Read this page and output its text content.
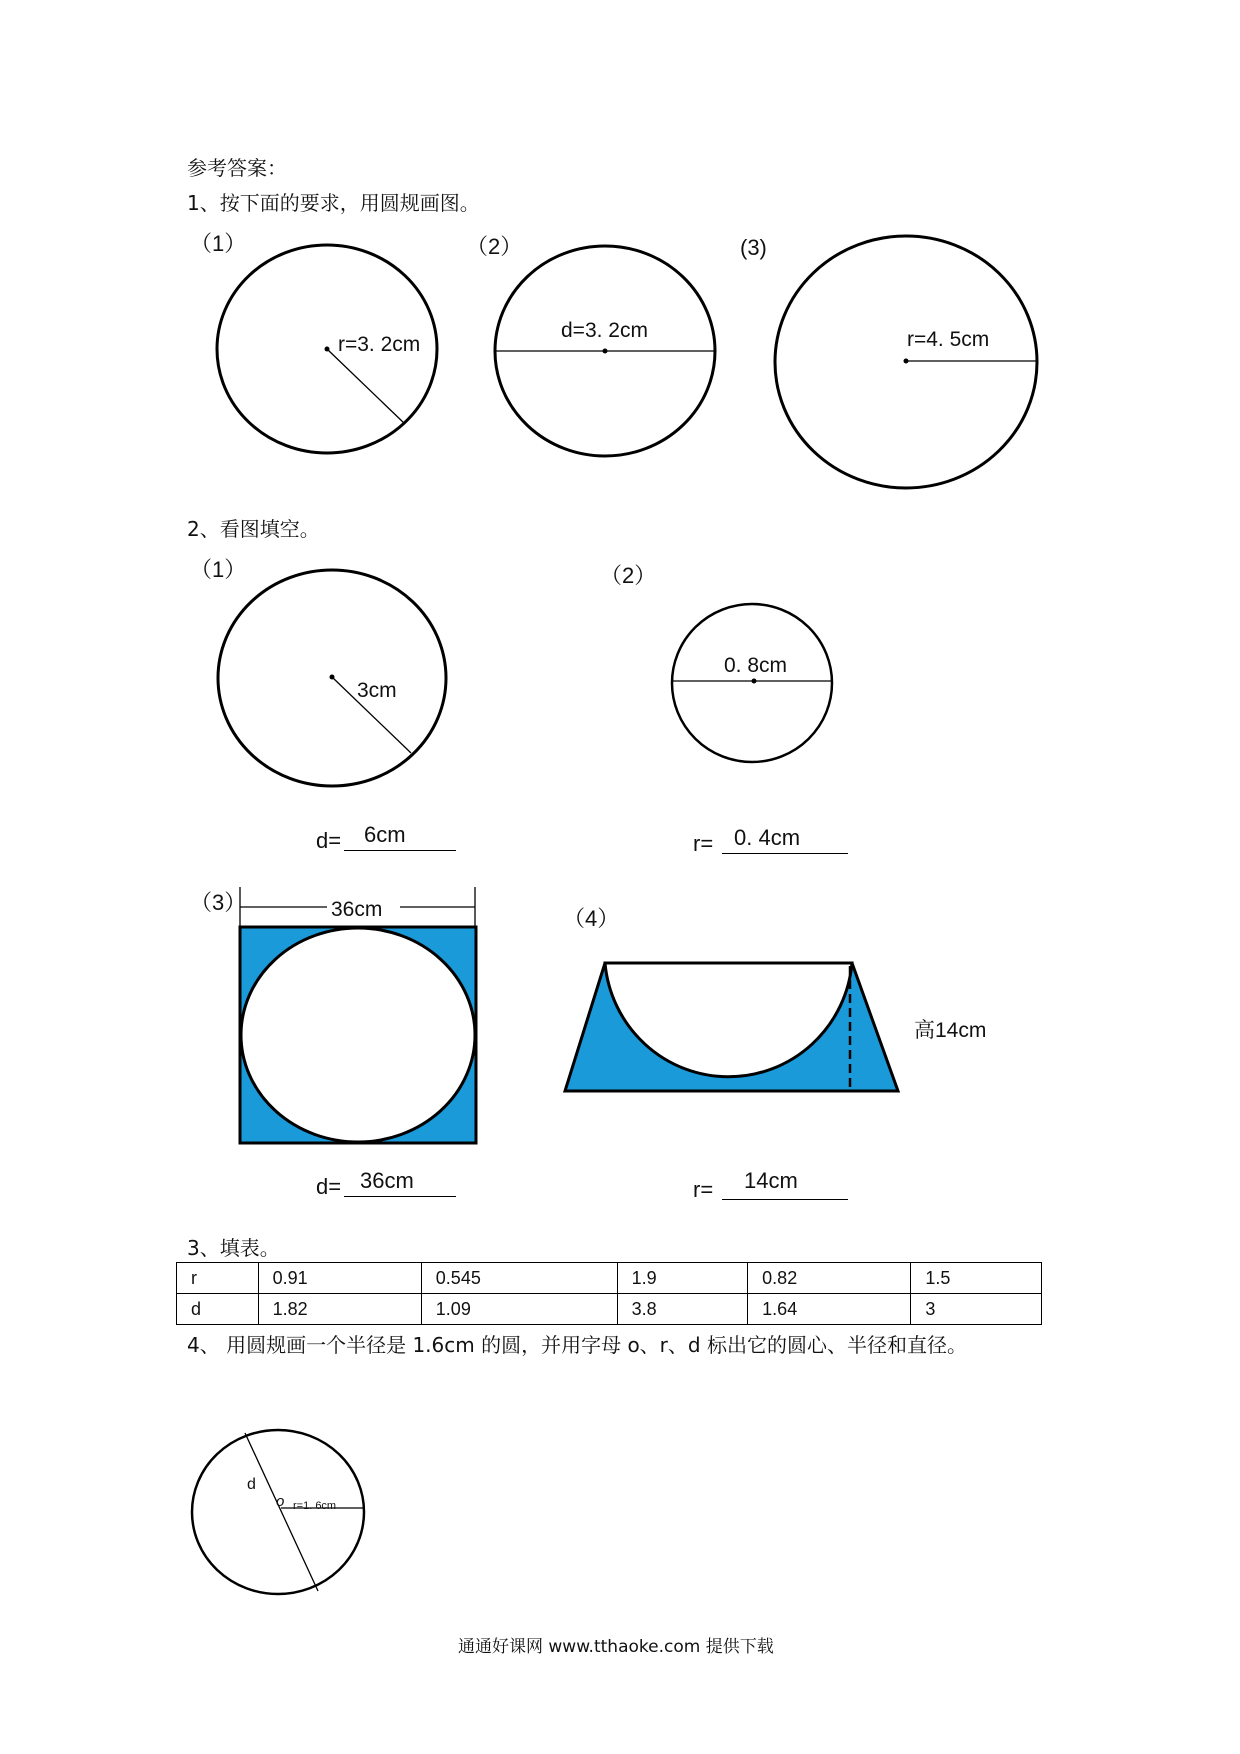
参考答案：
1、按下面的要求，用圆规画图。
2、看图填空。
3、填表。
4、 用圆规画一个半径是 1.6cm 的圆，并用字母 o、r、d 标出它的圆心、半径和直径。
（1）	（2）	(3)
（1）	（2）
（3）
（4）
r=3. 2cm
d=3. 2cm	r=4. 5cm
3cm
0. 8cm
36cm
高14cm
d
o r=1. 6cm
d= 6cm	r= 0. 4cm
d= 36cm	r= 14cm
r	0.91	0.545	1.9	0.82	1.5
d	1.82	1.09	3.8	1.64	3
通通好课网 www.tthaoke.com 提供下载
